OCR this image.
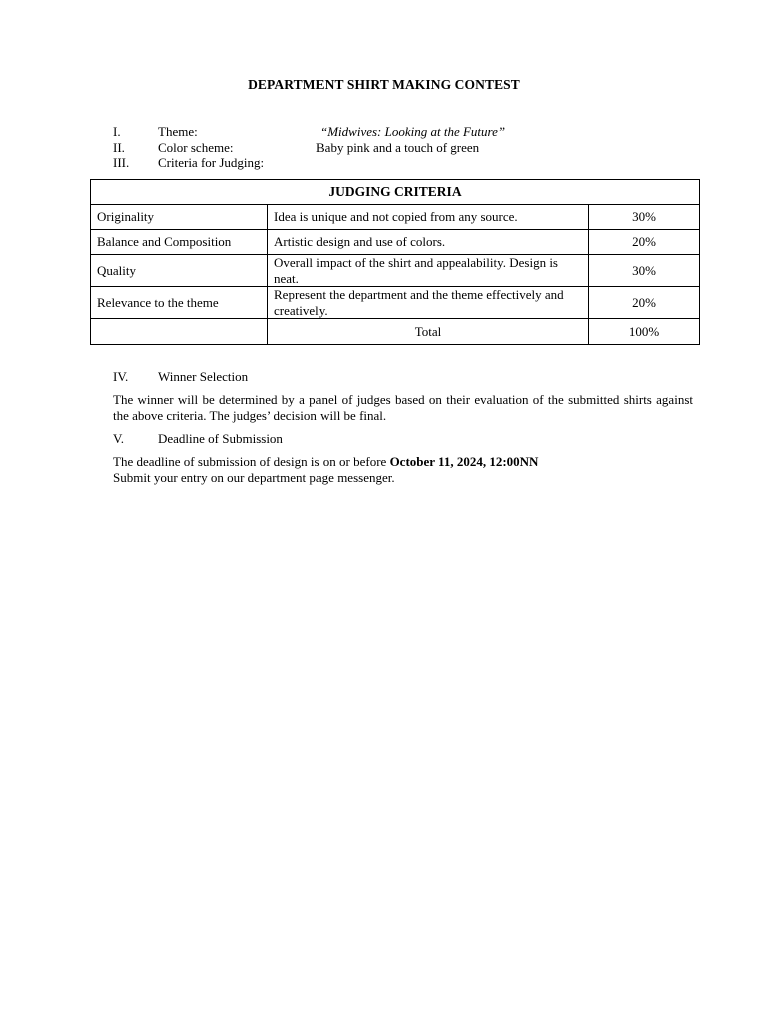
DEPARTMENT SHIRT MAKING CONTEST
I.	Theme:	“Midwives: Looking at the Future”
II.	Color scheme:	Baby pink and a touch of green
III. Criteria for Judging:
JUDGING CRITERIA		
Originality	Idea is unique and not copied from any source.	30%
Balance and Composition	Artistic design and use of colors.	20%
Quality	Overall impact of the shirt and appealability. Design is neat.	30%
Relevance to the theme	Represent the department and the theme effectively and creatively.	20%
	Total	100%
IV. Winner Selection
The winner will be determined by a panel of judges based on their evaluation of the submitted shirts against the above criteria. The judges’ decision will be final.
V.	Deadline of Submission
The deadline of submission of design is on or before October 11, 2024, 12:00NN
Submit your entry on our department page messenger.
